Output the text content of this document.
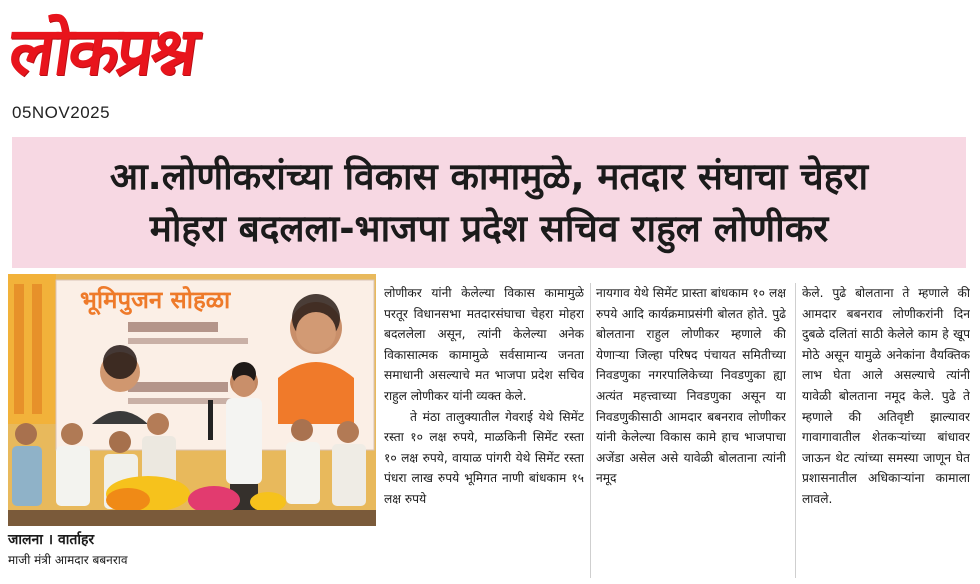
लोकप्रश्न
05NOV2025
आ.लोणीकरांच्या विकास कामामुळे, मतदार संघाचा चेहरा
मोहरा बदलला-भाजपा प्रदेश सचिव राहुल लोणीकर
भूमिपुजन सोहळा
जालना । वार्ताहर
माजी मंत्री आमदार बबनराव

लोणीकर यांनी केलेल्या विकास कामामुळे परतूर विधानसभा मतदारसंघाचा चेहरा मोहरा बदललेला असून, त्यांनी केलेल्या अनेक विकासात्मक कामामुळे सर्वसामान्य जनता समाधानी असल्याचे मत भाजपा प्रदेश सचिव राहुल लोणीकर यांनी व्यक्त केले.

ते मंठा तालुक्यातील गेवराई येथे सिमेंट रस्ता १० लक्ष रुपये, माळकिनी सिमेंट रस्ता १० लक्ष रुपये, वायाळ पांगरी येथे सिमेंट रस्ता पंधरा लाख रुपये भूमिगत नाणी बांधकाम १५ लक्ष रुपये

नायगाव येथे सिमेंट प्रास्ता बांधकाम १० लक्ष रुपये आदि कार्यक्रमाप्रसंगी बोलत होते. पुढे बोलताना राहुल लोणीकर म्हणाले की येणाऱ्या जिल्हा परिषद पंचायत समितीच्या निवडणुका नगरपालिकेच्या निवडणुका ह्या अत्यंत महत्त्वाच्या निवडणुका असून या निवडणुकीसाठी आमदार बबनराव लोणीकर यांनी केलेल्या विकास कामे हाच भाजपाचा अजेंडा असेल असे यावेळी बोलताना त्यांनी नमूद

केले. पुढे बोलताना ते म्हणाले की आमदार बबनराव लोणीकरांनी दिन दुबळे दलितां साठी केलेले काम हे खूप मोठे असून यामुळे अनेकांना वैयक्तिक लाभ घेता आले असल्याचे त्यांनी यावेळी बोलताना नमूद केले. पुढे ते म्हणाले की अतिवृष्टी झाल्यावर गावागावातील शेतकऱ्यांच्या बांधावर जाऊन थेट त्यांच्या समस्या जाणून घेत प्रशासनातील अधिकाऱ्यांना कामाला लावले.
